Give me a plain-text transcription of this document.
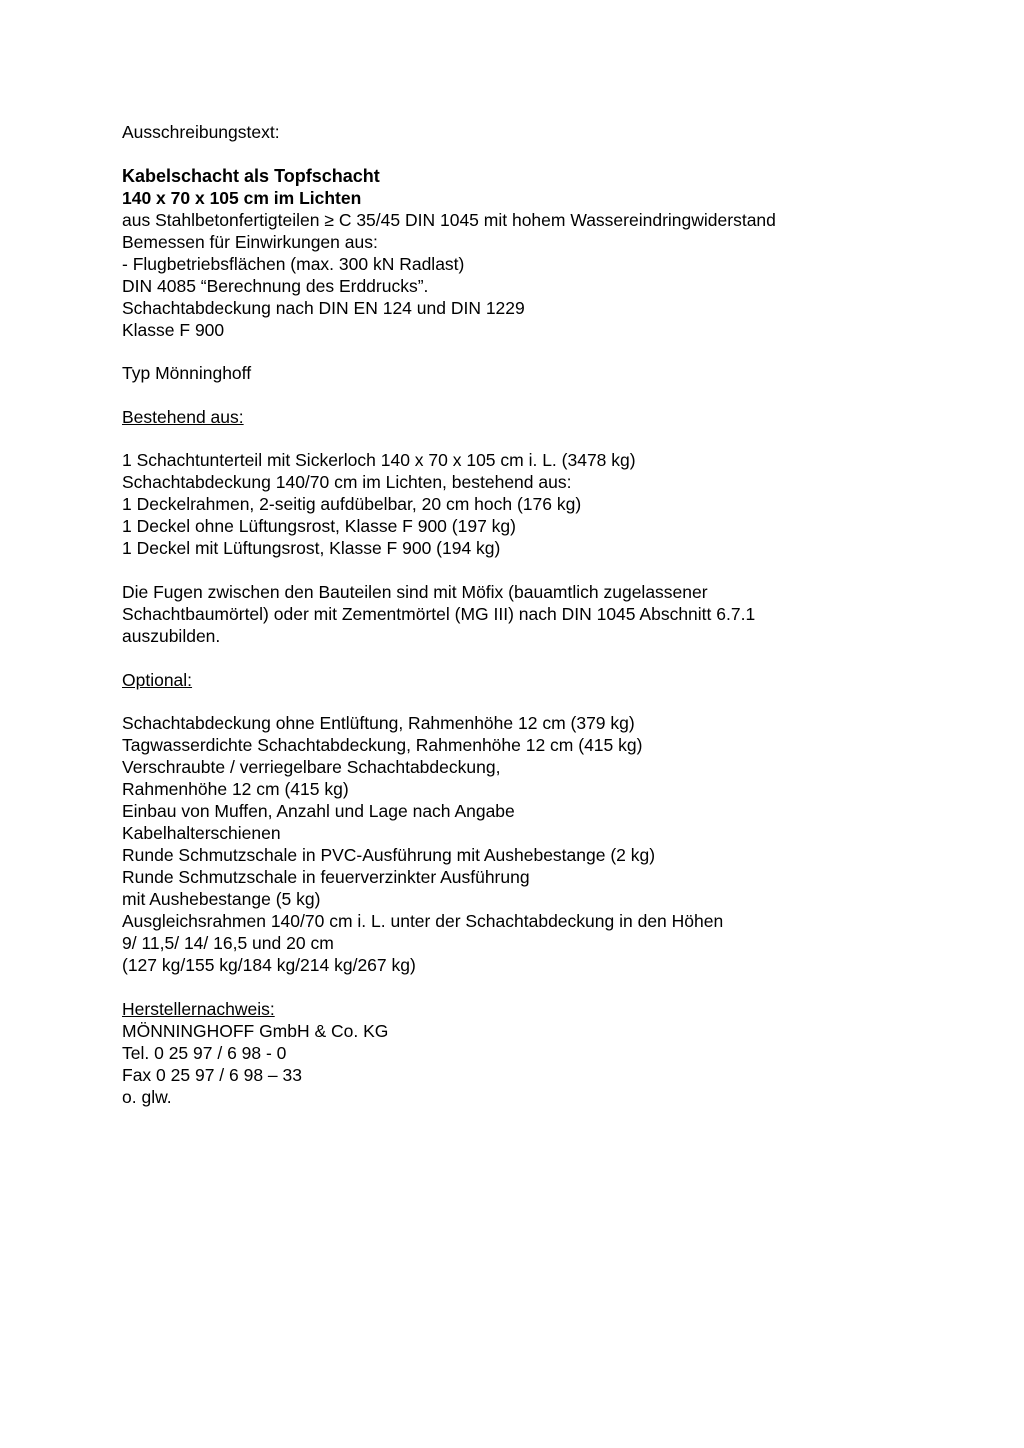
Ausschreibungstext:
Kabelschacht als Topfschacht
140 x 70 x 105 cm im Lichten
aus Stahlbetonfertigteilen ≥ C 35/45 DIN 1045 mit hohem Wassereindringwiderstand
Bemessen für Einwirkungen aus:
- Flugbetriebsflächen (max. 300 kN Radlast)
DIN 4085 “Berechnung des Erddrucks”.
Schachtabdeckung nach DIN EN 124 und DIN 1229
Klasse F 900
Typ Mönninghoff
Bestehend aus:
1 Schachtunterteil mit Sickerloch 140 x 70 x 105 cm i. L. (3478 kg)
Schachtabdeckung 140/70 cm im Lichten, bestehend aus:
1 Deckelrahmen, 2-seitig aufdübelbar, 20 cm hoch (176 kg)
1 Deckel ohne Lüftungsrost, Klasse F 900 (197 kg)
1 Deckel mit Lüftungsrost, Klasse F 900 (194 kg)
Die Fugen zwischen den Bauteilen sind mit Möfix (bauamtlich zugelassener
Schachtbaumörtel) oder mit Zementmörtel (MG III) nach DIN 1045 Abschnitt 6.7.1
auszubilden.
Optional:
Schachtabdeckung ohne Entlüftung, Rahmenhöhe 12 cm (379 kg)
Tagwasserdichte Schachtabdeckung, Rahmenhöhe 12 cm (415 kg)
Verschraubte / verriegelbare Schachtabdeckung,
Rahmenhöhe 12 cm (415 kg)
Einbau von Muffen, Anzahl und Lage nach Angabe
Kabelhalterschienen
Runde Schmutzschale in PVC-Ausführung mit Aushebestange (2 kg)
Runde Schmutzschale in feuerverzinkter Ausführung
mit Aushebestange (5 kg)
Ausgleichsrahmen 140/70 cm i. L. unter der Schachtabdeckung in den Höhen
9/ 11,5/ 14/ 16,5 und 20 cm
(127 kg/155 kg/184 kg/214 kg/267 kg)
Herstellernachweis:
MÖNNINGHOFF GmbH & Co. KG
Tel. 0 25 97 / 6 98 - 0
Fax 0 25 97 / 6 98 – 33
o. glw.
